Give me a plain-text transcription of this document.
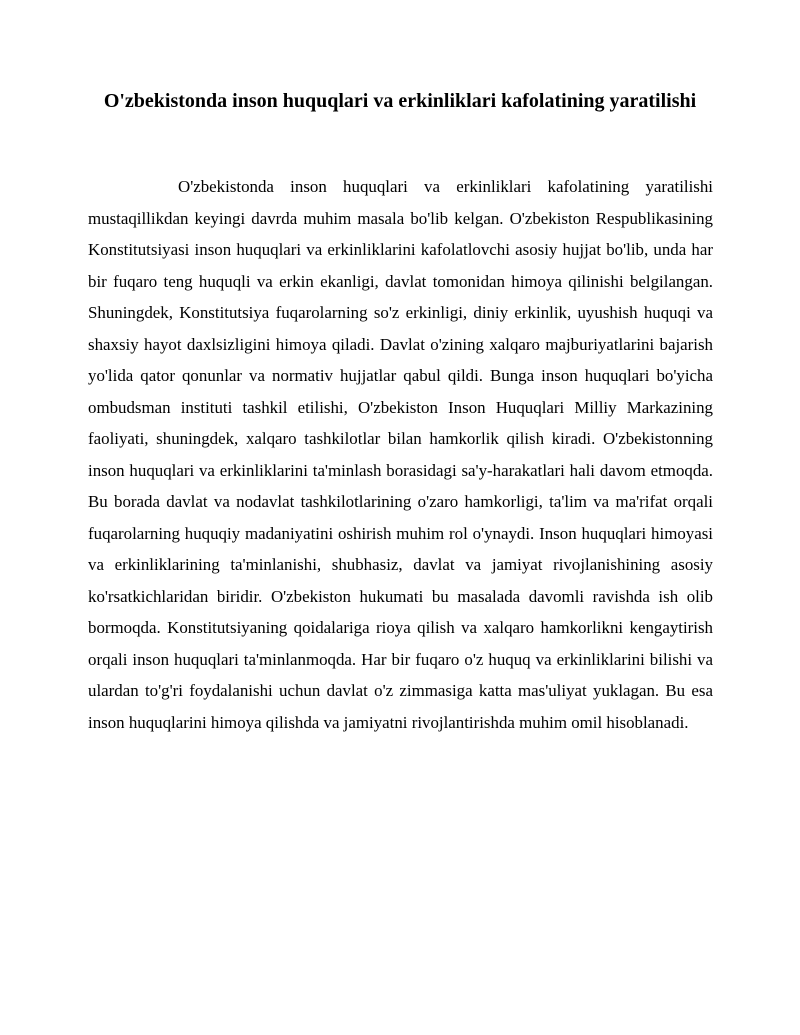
O'zbekistonda inson huquqlari va erkinliklari kafolatining yaratilishi

O'zbekistonda inson huquqlari va erkinliklari kafolatining yaratilishi mustaqillikdan keyingi davrda muhim masala bo'lib kelgan. O'zbekiston Respublikasining Konstitutsiyasi inson huquqlari va erkinliklarini kafolatlovchi asosiy hujjat bo'lib, unda har bir fuqaro teng huquqli va erkin ekanligi, davlat tomonidan himoya qilinishi belgilangan. Shuningdek, Konstitutsiya fuqarolarning so'z erkinligi, diniy erkinlik, uyushish huquqi va shaxsiy hayot daxlsizligini himoya qiladi. Davlat o'zining xalqaro majburiyatlarini bajarish yo'lida qator qonunlar va normativ hujjatlar qabul qildi. Bunga inson huquqlari bo'yicha ombudsman instituti tashkil etilishi, O'zbekiston Inson Huquqlari Milliy Markazining faoliyati, shuningdek, xalqaro tashkilotlar bilan hamkorlik qilish kiradi. O'zbekistonning inson huquqlari va erkinliklarini ta'minlash borasidagi sa'y-harakatlari hali davom etmoqda. Bu borada davlat va nodavlat tashkilotlarining o'zaro hamkorligi, ta'lim va ma'rifat orqali fuqarolarning huquqiy madaniyatini oshirish muhim rol o'ynaydi. Inson huquqlari himoyasi va erkinliklarining ta'minlanishi, shubhasiz, davlat va jamiyat rivojlanishining asosiy ko'rsatkichlaridan biridir. O'zbekiston hukumati bu masalada davomli ravishda ish olib bormoqda. Konstitutsiyaning qoidalariga rioya qilish va xalqaro hamkorlikni kengaytirish orqali inson huquqlari ta'minlanmoqda. Har bir fuqaro o'z huquq va erkinliklarini bilishi va ulardan to'g'ri foydalanishi uchun davlat o'z zimmasiga katta mas'uliyat yuklagan. Bu esa inson huquqlarini himoya qilishda va jamiyatni rivojlantirishda muhim omil hisoblanadi.
